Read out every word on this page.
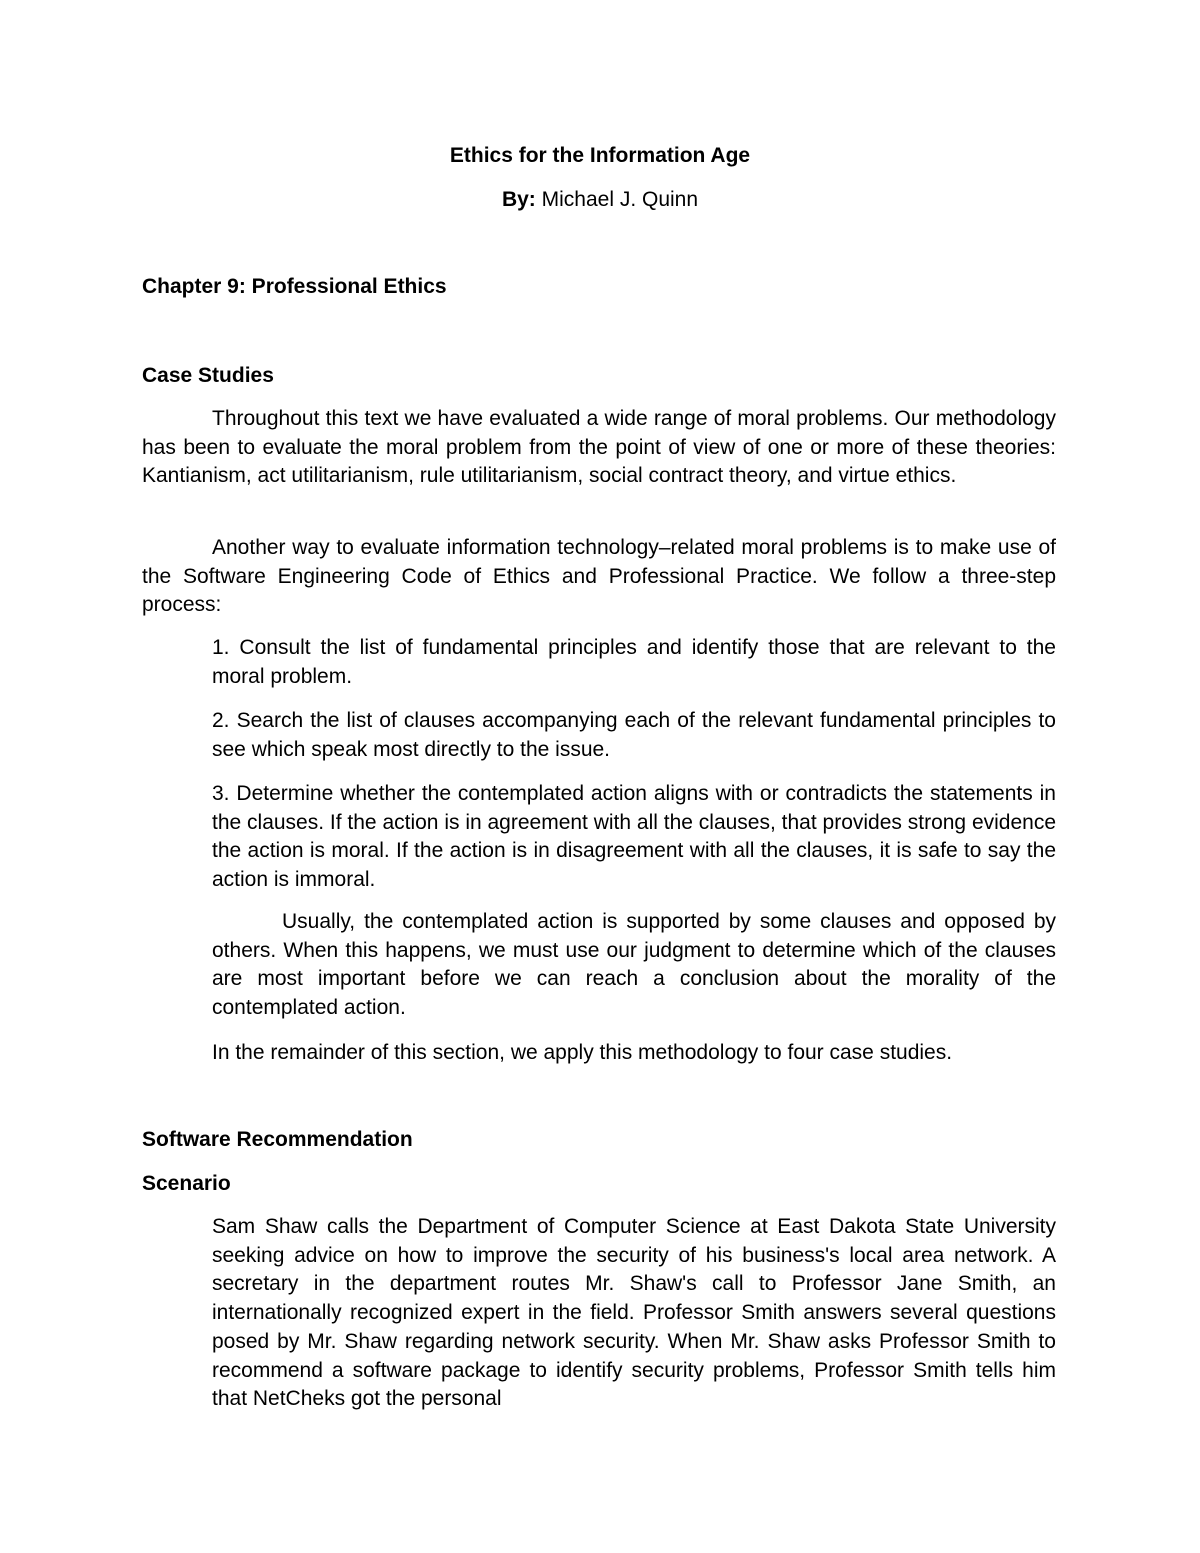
Ethics for the Information Age
By: Michael J. Quinn
Chapter 9: Professional Ethics
Case Studies
Throughout this text we have evaluated a wide range of moral problems. Our methodology has been to evaluate the moral problem from the point of view of one or more of these theories: Kantianism, act utilitarianism, rule utilitarianism, social contract theory, and virtue ethics.
Another way to evaluate information technology–related moral problems is to make use of the Software Engineering Code of Ethics and Professional Practice. We follow a three-step process:
1. Consult the list of fundamental principles and identify those that are relevant to the moral problem.
2. Search the list of clauses accompanying each of the relevant fundamental principles to see which speak most directly to the issue.
3. Determine whether the contemplated action aligns with or contradicts the statements in the clauses. If the action is in agreement with all the clauses, that provides strong evidence the action is moral. If the action is in disagreement with all the clauses, it is safe to say the action is immoral.
Usually, the contemplated action is supported by some clauses and opposed by others. When this happens, we must use our judgment to determine which of the clauses are most important before we can reach a conclusion about the morality of the contemplated action.
In the remainder of this section, we apply this methodology to four case studies.
Software Recommendation
Scenario
Sam Shaw calls the Department of Computer Science at East Dakota State University seeking advice on how to improve the security of his business's local area network. A secretary in the department routes Mr. Shaw's call to Professor Jane Smith, an internationally recognized expert in the field. Professor Smith answers several questions posed by Mr. Shaw regarding network security. When Mr. Shaw asks Professor Smith to recommend a software package to identify security problems, Professor Smith tells him that NetCheks got the personal
